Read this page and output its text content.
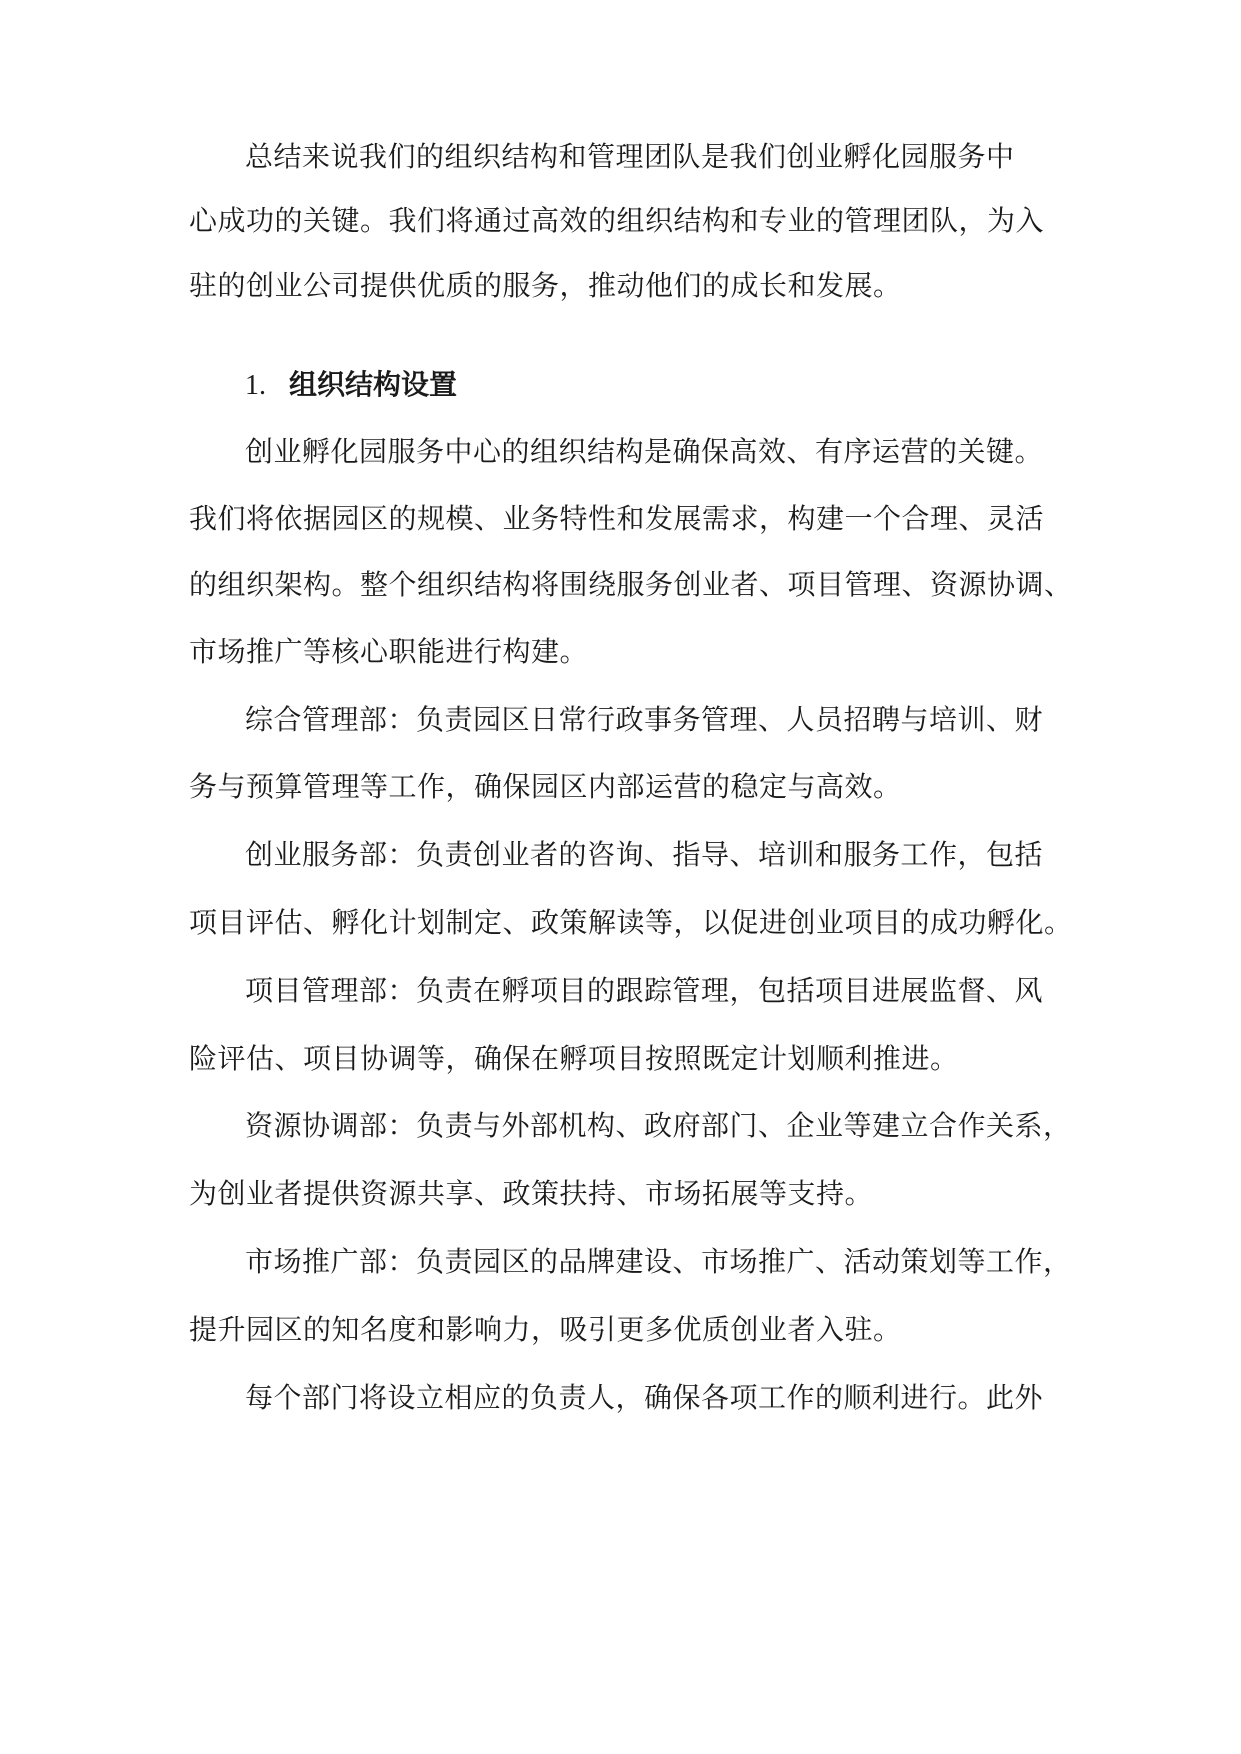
总结来说我们的组织结构和管理团队是我们创业孵化园服务中
心成功的关键。我们将通过高效的组织结构和专业的管理团队，为入
驻的创业公司提供优质的服务，推动他们的成长和发展。
1. 组织结构设置
创业孵化园服务中心的组织结构是确保高效、有序运营的关键。
我们将依据园区的规模、业务特性和发展需求，构建一个合理、灵活
的组织架构。整个组织结构将围绕服务创业者、项目管理、资源协调、
市场推广等核心职能进行构建。
综合管理部：负责园区日常行政事务管理、人员招聘与培训、财
务与预算管理等工作，确保园区内部运营的稳定与高效。
创业服务部：负责创业者的咨询、指导、培训和服务工作，包括
项目评估、孵化计划制定、政策解读等，以促进创业项目的成功孵化。
项目管理部：负责在孵项目的跟踪管理，包括项目进展监督、风
险评估、项目协调等，确保在孵项目按照既定计划顺利推进。
资源协调部：负责与外部机构、政府部门、企业等建立合作关系，
为创业者提供资源共享、政策扶持、市场拓展等支持。
市场推广部：负责园区的品牌建设、市场推广、活动策划等工作，
提升园区的知名度和影响力，吸引更多优质创业者入驻。
每个部门将设立相应的负责人，确保各项工作的顺利进行。此外
